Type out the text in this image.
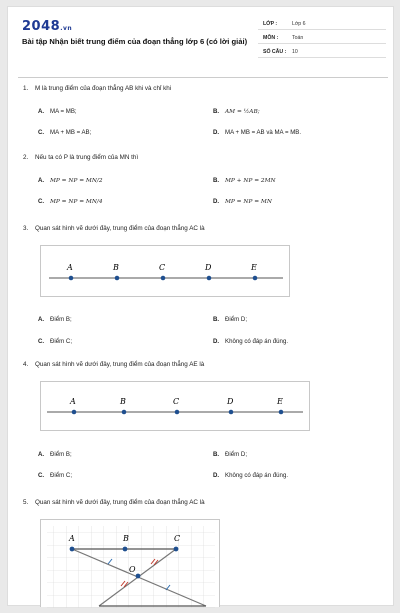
2048.vn
Bài tập Nhận biết trung điểm của đoạn thẳng lớp 6 (có lời giải)
LỚP :	Lớp 6
MÔN :	Toán
SỐ CÂU : 10
1. M là trung điểm của đoạn thẳng AB khi và chỉ khi
A. MA = MB;	B. AM = ½AB;
C. MA + MB = AB;	D. MA + MB = AB và MA = MB.
2. Nếu ta có P là trung điểm của MN thì
A. MP = NP = MN/2	B. MP + NP = 2MN
C. MP = NP = MN/4	D. MP = NP = MN
3. Quan sát hình vẽ dưới đây, trung điểm của đoạn thẳng AC là
A	B	C	D	E
A. Điểm B;	B. Điểm D;
C. Điểm C;	D. Không có đáp án đúng.
4. Quan sát hình vẽ dưới đây, trung điểm của đoạn thẳng AE là
A	B	C	D	E
A. Điểm B;	B. Điểm D;
C. Điểm C;	D. Không có đáp án đúng.
5. Quan sát hình vẽ dưới đây, trung điểm của đoạn thẳng AC là
A	B	C
O
